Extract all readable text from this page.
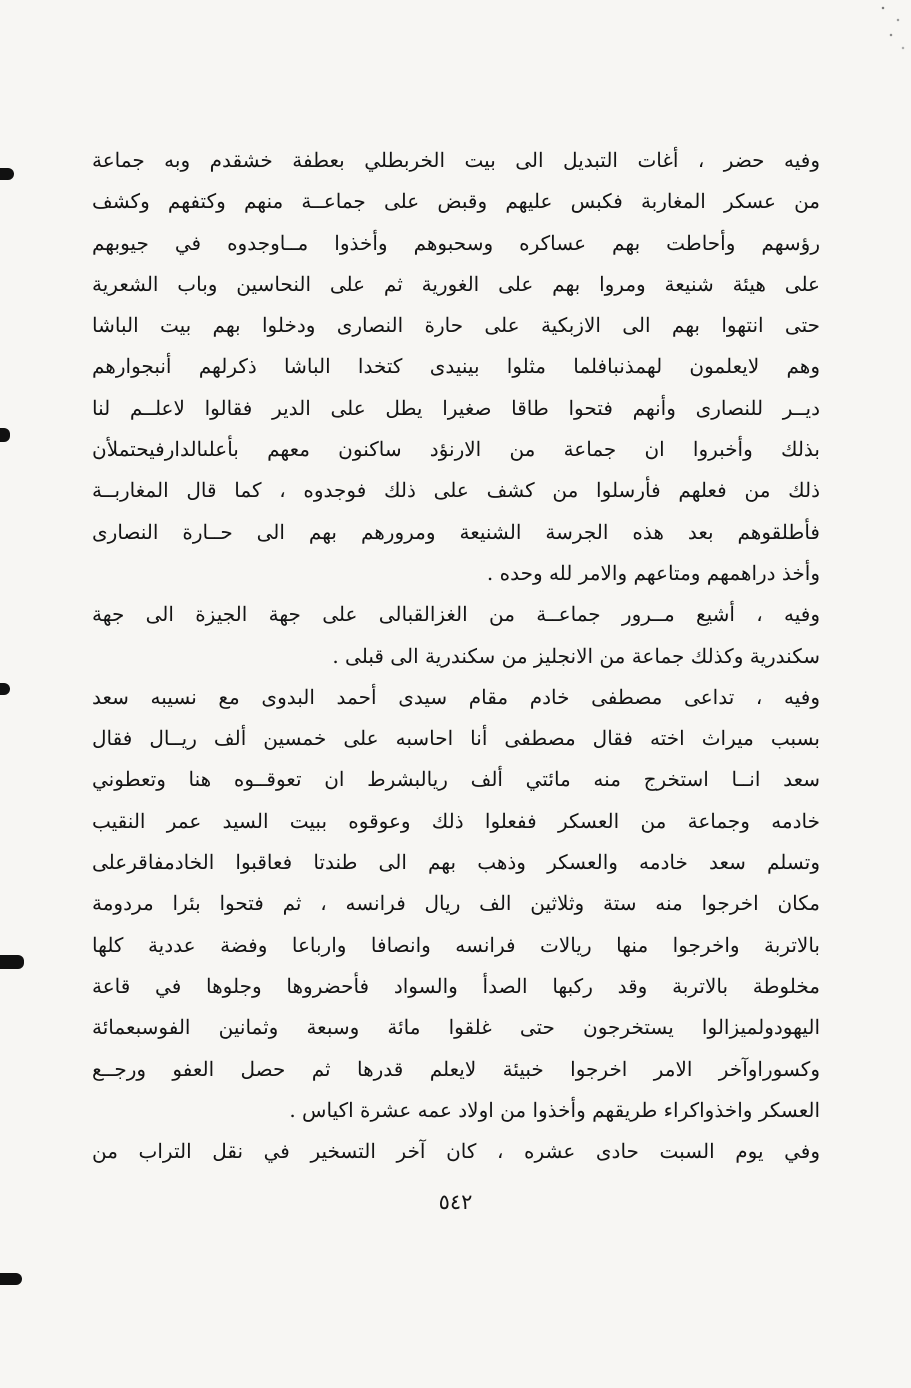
وفيه حضر ، أغات التبديل الى بيت الخربطلي بعطفة خشقدم وبه جماعة
من عسكر المغاربة فكبس عليهم وقبض على جماعــة منهم وكتفهم وكشف
رؤسهم وأحاطت بهم عساكره وسحبوهم وأخذوا مــاوجدوه في جيوبهم
على هيئة شنيعة ومروا بهم على الغورية ثم على النحاسين وباب الشعرية
حتى انتهوا بهم الى الازبكية على حارة النصارى ودخلوا بهم بيت الباشا
وهم لايعلمون لهمذنبافلما مثلوا بينيدى كتخدا الباشا ذكرلهم أنبجوارهم
ديــر للنصارى وأنهم فتحوا طاقا صغيرا يطل على الدير فقالوا لاعلــم لنا
بذلك وأخبروا ان جماعة من الارنؤد ساكنون معهم بأعلىالدارفيحتملأن
ذلك من فعلهم فأرسلوا من كشف على ذلك فوجدوه ، كما قال المغاربــة
فأطلقوهم بعد هذه الجرسة الشنيعة ومرورهم بهم الى حــارة النصارى
وأخذ دراهمهم ومتاعهم والامر لله وحده .
وفيه ، أشيع مــرور جماعــة من الغزالقبالى على جهة الجيزة الى جهة
سكندرية وكذلك جماعة من الانجليز من سكندرية الى قبلى .
وفيه ، تداعى مصطفى خادم مقام سيدى أحمد البدوى مع نسيبه سعد
بسبب ميراث اخته فقال مصطفى أنا احاسبه على خمسين ألف ريــال فقال
سعد انــا استخرج منه مائتي ألف ريالبشرط ان تعوقــوه هنا وتعطوني
خادمه وجماعة من العسكر ففعلوا ذلك وعوقوه ببيت السيد عمر النقيب
وتسلم سعد خادمه والعسكر وذهب بهم الى طندتا فعاقبوا الخادمفاقرعلى
مكان اخرجوا منه ستة وثلاثين الف ريال فرانسه ، ثم فتحوا بئرا مردومة
بالاتربة واخرجوا منها ريالات فرانسه وانصافا وارباعا وفضة عددية كلها
مخلوطة بالاتربة وقد ركبها الصدأ والسواد فأحضروها وجلوها في قاعة
اليهودولميزالوا يستخرجون حتى غلقوا مائة وسبعة وثمانين الفوسبعمائة
وكسوراوآخر الامر اخرجوا خبيئة لايعلم قدرها ثم حصل العفو ورجــع
العسكر واخذواكراء طريقهم وأخذوا من اولاد عمه عشرة اكياس .
وفي يوم السبت حادى عشره ، كان آخر التسخير في نقل التراب من
٥٤٢
